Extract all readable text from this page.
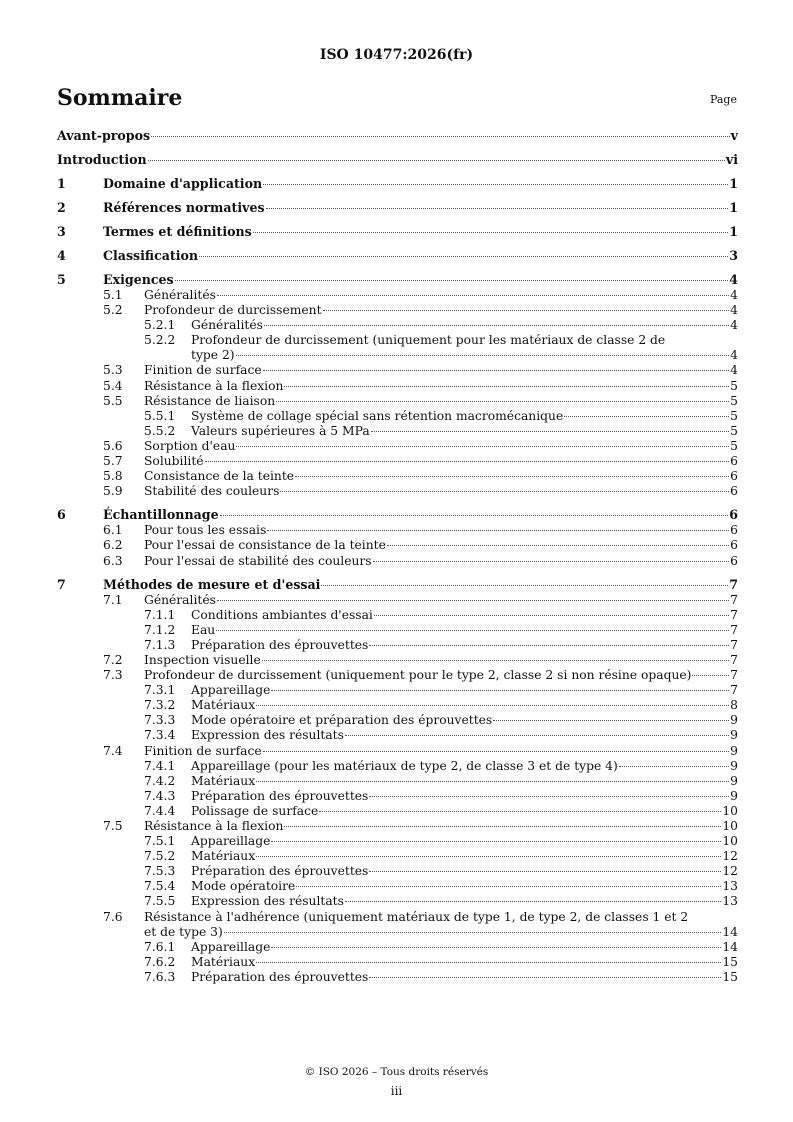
ISO 10477:2026(fr)
Sommaire	Page
Avant-propos	v
Introduction	vi
1	Domaine d'application	1
2	Références normatives	1
3	Termes et définitions	1
4	Classification	3
5	Exigences	4
5.1	Généralités	4
5.2	Profondeur de durcissement	4
5.2.1	Généralités	4
5.2.2	Profondeur de durcissement (uniquement pour les matériaux de classe 2 de
type 2)	4
5.3	Finition de surface	4
5.4	Résistance à la flexion	5
5.5	Résistance de liaison	5
5.5.1	Système de collage spécial sans rétention macromécanique	5
5.5.2	Valeurs supérieures à 5 MPa	5
5.6	Sorption d'eau	5
5.7	Solubilité	6
5.8	Consistance de la teinte	6
5.9	Stabilité des couleurs	6
6	Échantillonnage	6
6.1	Pour tous les essais	6
6.2	Pour l'essai de consistance de la teinte	6
6.3	Pour l'essai de stabilité des couleurs	6
7	Méthodes de mesure et d'essai	7
7.1	Généralités	7
7.1.1	Conditions ambiantes d'essai	7
7.1.2	Eau	7
7.1.3	Préparation des éprouvettes	7
7.2	Inspection visuelle	7
7.3	Profondeur de durcissement (uniquement pour le type 2, classe 2 si non résine opaque)	7
7.3.1	Appareillage	7
7.3.2	Matériaux	8
7.3.3	Mode opératoire et préparation des éprouvettes	9
7.3.4	Expression des résultats	9
7.4	Finition de surface	9
7.4.1	Appareillage (pour les matériaux de type 2, de classe 3 et de type 4)	9
7.4.2	Matériaux	9
7.4.3	Préparation des éprouvettes	9
7.4.4	Polissage de surface	10
7.5	Résistance à la flexion	10
7.5.1	Appareillage	10
7.5.2	Matériaux	12
7.5.3	Préparation des éprouvettes	12
7.5.4	Mode opératoire	13
7.5.5	Expression des résultats	13
7.6	Résistance à l'adhérence (uniquement matériaux de type 1, de type 2, de classes 1 et 2
et de type 3)	14
7.6.1	Appareillage	14
7.6.2	Matériaux	15
7.6.3	Préparation des éprouvettes	15
© ISO 2026 – Tous droits réservés
iii
